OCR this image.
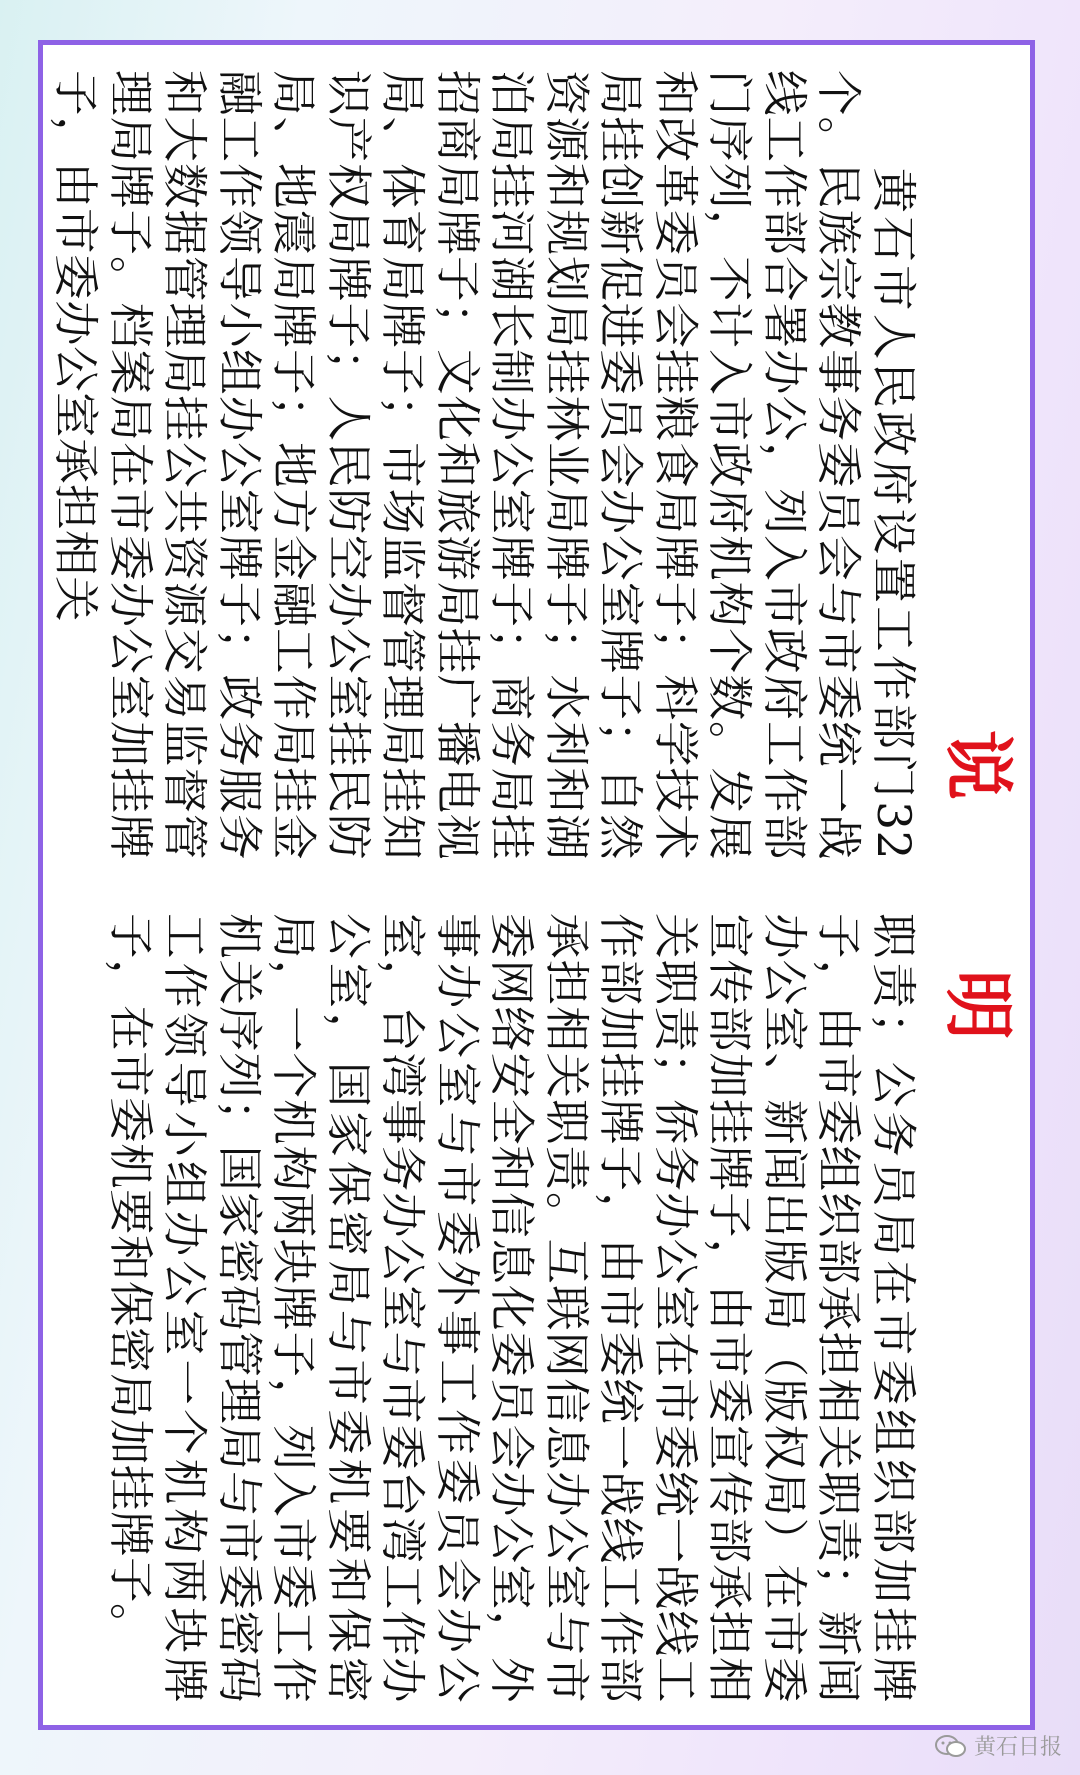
说明

　　黄石市人民政府设置工作部门32个。民族宗教事务委员会与市委统一战线工作部合署办公，列入市政府工作部门序列，不计入市政府机构个数。发展和改革委员会挂粮食局牌子；科学技术局挂创新促进委员会办公室牌子；自然资源和规划局挂林业局牌子；水利和湖泊局挂河湖长制办公室牌子；商务局挂招商局牌子；文化和旅游局挂广播电视局、体育局牌子；市场监督管理局挂知识产权局牌子；人民防空办公室挂民防局、地震局牌子；地方金融工作局挂金融工作领导小组办公室牌子；政务服务和大数据管理局挂公共资源交易监督管理局牌子。档案局在市委办公室加挂牌子，由市委办公室承担相关

职责；公务员局在市委组织部加挂牌子，由市委组织部承担相关职责；新闻办公室、新闻出版局（版权局）在市委宣传部加挂牌子，由市委宣传部承担相关职责；侨务办公室在市委统一战线工作部加挂牌子，由市委统一战线工作部承担相关职责。互联网信息办公室与市委网络安全和信息化委员会办公室，外事办公室与市委外事工作委员会办公室，台湾事务办公室与市委台湾工作办公室，国家保密局与市委机要和保密局，一个机构两块牌子，列入市委工作机关序列；国家密码管理局与市委密码工作领导小组办公室一个机构两块牌子，在市委机要和保密局加挂牌子。

黄石日报
